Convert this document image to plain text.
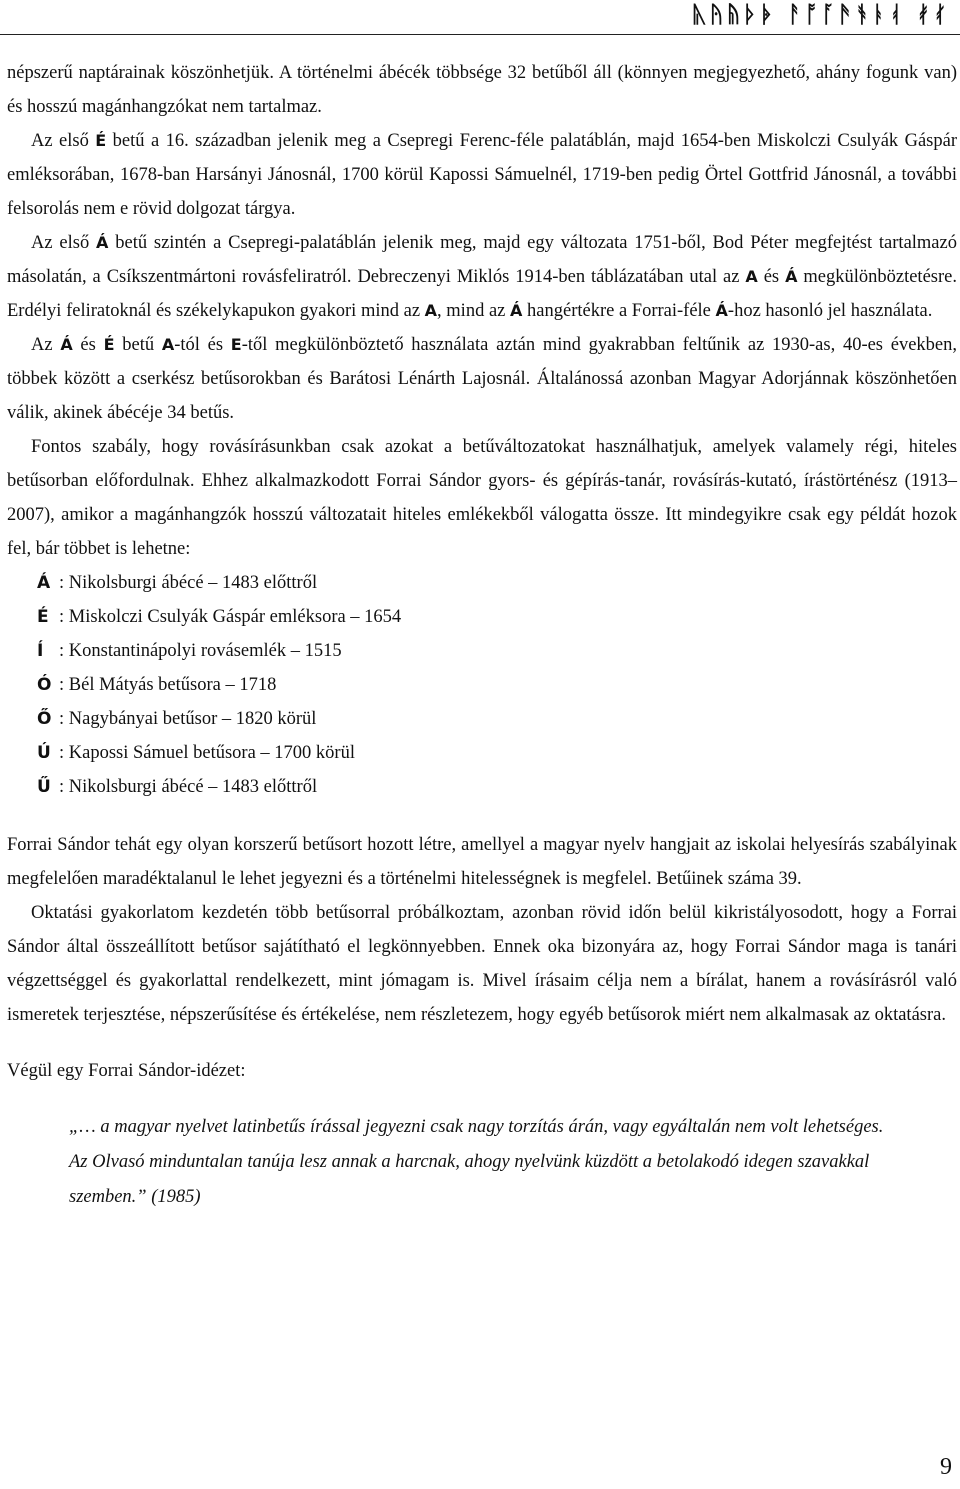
ᚣᚤᚥᚦᚧ ᚨᚩᚪᚫᚬᚭᚮ ᚯᚰ

népszerű naptárainak köszönhetjük. A történelmi ábécék többsége 32 betűből áll (könnyen megjegyezhető, ahány fogunk van) és hosszú magánhangzókat nem tartalmaz.

Az első É betű a 16. században jelenik meg a Csepregi Ferenc-féle palatáblán, majd 1654-ben Miskolczi Csulyák Gáspár emléksorában, 1678-ban Harsányi Jánosnál, 1700 körül Kapossi Sámuelnél, 1719-ben pedig Örtel Gottfrid Jánosnál, a további felsorolás nem e rövid dolgozat tárgya.

Az első Á betű szintén a Csepregi-palatáblán jelenik meg, majd egy változata 1751-ből, Bod Péter megfejtést tartalmazó másolatán, a Csíkszentmártoni rovásfeliratról. Debreczenyi Miklós 1914-ben táblázatában utal az A és Á megkülönböztetésre. Erdélyi feliratoknál és székelykapukon gyakori mind az A, mind az Á hangértékre a Forrai-féle Á-hoz hasonló jel használata.

Az Á és É betű A-tól és E-től megkülönböztető használata aztán mind gyakrabban feltűnik az 1930-as, 40-es években, többek között a cserkész betűsorokban és Barátosi Lénárth Lajosnál. Általánossá azonban Magyar Adorjánnak köszönhetően válik, akinek ábécéje 34 betűs.

Fontos szabály, hogy rovásírásunkban csak azokat a betűváltozatokat használhatjuk, amelyek valamely régi, hiteles betűsorban előfordulnak. Ehhez alkalmazkodott Forrai Sándor gyors- és gépírás-tanár, rovásírás-kutató, írástörténész (1913–2007), amikor a magánhangzók hosszú változatait hiteles emlékekből válogatta össze. Itt mindegyikre csak egy példát hozok fel, bár többet is lehetne:

Á : Nikolsburgi ábécé – 1483 előttről
É : Miskolczi Csulyák Gáspár emléksora – 1654
Í : Konstantinápolyi rovásemlék – 1515
Ó : Bél Mátyás betűsora – 1718
Ő : Nagybányai betűsor – 1820 körül
Ú : Kapossi Sámuel betűsora – 1700 körül
Ű : Nikolsburgi ábécé – 1483 előttről

Forrai Sándor tehát egy olyan korszerű betűsort hozott létre, amellyel a magyar nyelv hangjait az iskolai helyesírás szabályinak megfelelően maradéktalanul le lehet jegyezni és a történelmi hitelességnek is megfelel. Betűinek száma 39.

Oktatási gyakorlatom kezdetén több betűsorral próbálkoztam, azonban rövid időn belül kikristályosodott, hogy a Forrai Sándor által összeállított betűsor sajátítható el legkönnyebben. Ennek oka bizonyára az, hogy Forrai Sándor maga is tanári végzettséggel és gyakorlattal rendelkezett, mint jómagam is. Mivel írásaim célja nem a bírálat, hanem a rovásírásról való ismeretek terjesztése, népszerűsítése és értékelése, nem részletezem, hogy egyéb betűsorok miért nem alkalmasak az oktatásra.

Végül egy Forrai Sándor-idézet:

„… a magyar nyelvet latinbetűs írással jegyezni csak nagy torzítás árán, vagy egyáltalán nem volt lehetséges. Az Olvasó minduntalan tanúja lesz annak a harcnak, ahogy nyelvünk küzdött a betolakodó idegen szavakkal szemben.” (1985)

9
